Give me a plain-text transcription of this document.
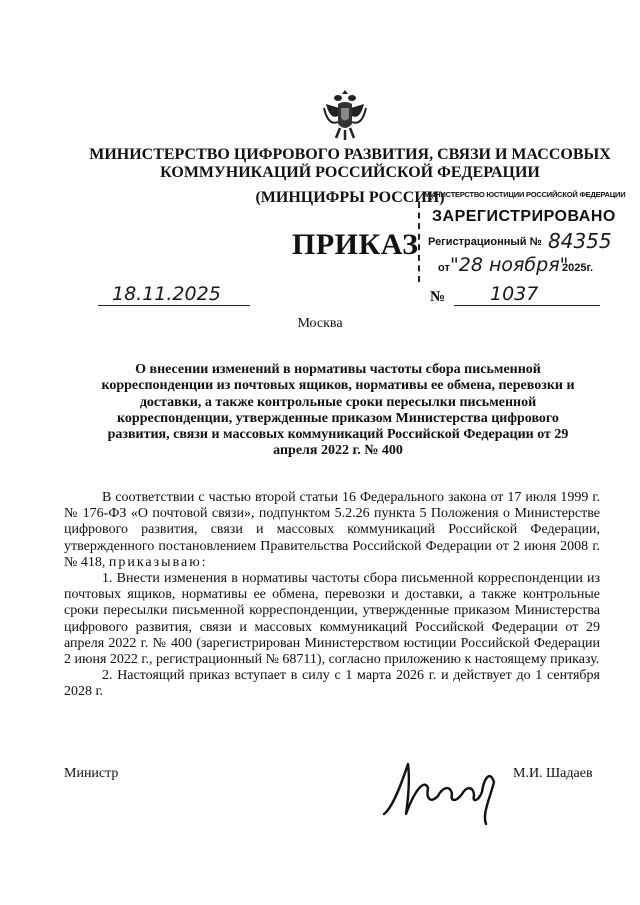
МИНИСТЕРСТВО ЦИФРОВОГО РАЗВИТИЯ, СВЯЗИ И МАССОВЫХ
КОММУНИКАЦИЙ РОССИЙСКОЙ ФЕДЕРАЦИИ
(МИНЦИФРЫ РОССИИ)
ПРИКАЗ
МИНИСТЕРСТВО ЮСТИЦИИ РОССИЙСКОЙ ФЕДЕРАЦИИ
ЗАРЕГИСТРИРОВАНО
Регистрационный № 84355
от "28 ноября"
2025г.
18.11.2025	№ 1037
Москва
О внесении изменений в нормативы частоты сбора письменной корреспонденции из почтовых ящиков, нормативы ее обмена, перевозки и доставки, а также контрольные сроки пересылки письменной корреспонденции, утвержденные приказом Министерства цифрового развития, связи и массовых коммуникаций Российской Федерации от 29 апреля 2022 г. № 400

В соответствии с частью второй статьи 16 Федерального закона от 17 июля 1999 г. № 176-ФЗ «О почтовой связи», подпунктом 5.2.26 пункта 5 Положения о Министерстве цифрового развития, связи и массовых коммуникаций Российской Федерации, утвержденного постановлением Правительства Российской Федерации от 2 июня 2008 г. № 418, приказываю:

1. Внести изменения в нормативы частоты сбора письменной корреспонденции из почтовых ящиков, нормативы ее обмена, перевозки и доставки, а также контрольные сроки пересылки письменной корреспонденции, утвержденные приказом Министерства цифрового развития, связи и массовых коммуникаций Российской Федерации от 29 апреля 2022 г. № 400 (зарегистрирован Министерством юстиции Российской Федерации 2 июня 2022 г., регистрационный № 68711), согласно приложению к настоящему приказу.

2. Настоящий приказ вступает в силу с 1 марта 2026 г. и действует до 1 сентября 2028 г.

Министр	М.И. Шадаев
